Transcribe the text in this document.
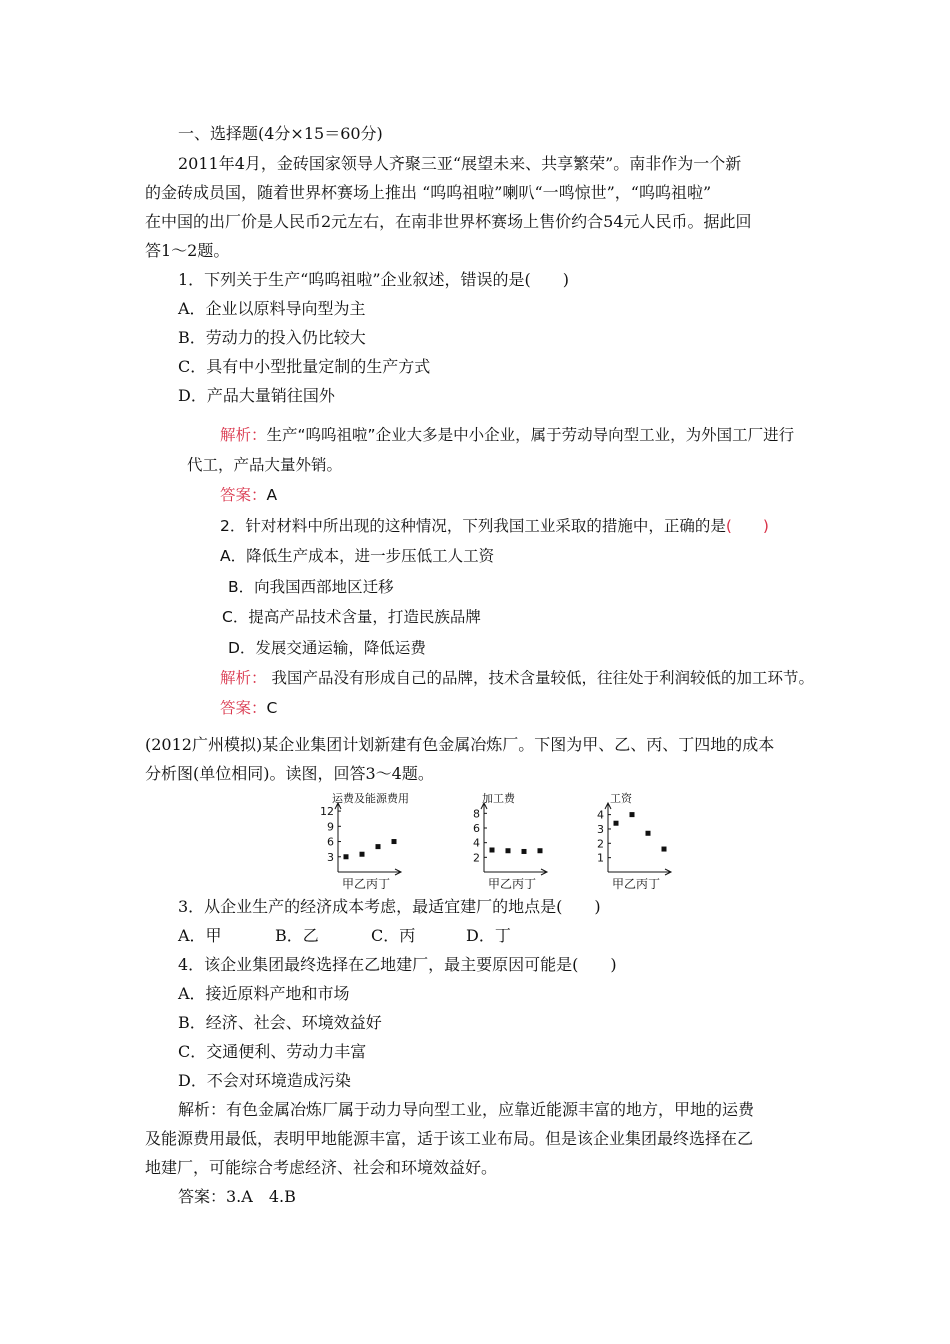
一、选择题(4分×15＝60分)
2011年4月，金砖国家领导人齐聚三亚“展望未来、共享繁荣”。南非作为一个新
的金砖成员国，随着世界杯赛场上推出 “呜呜祖啦”喇叭“一鸣惊世”，“呜呜祖啦”
在中国的出厂价是人民币2元左右，在南非世界杯赛场上售价约合54元人民币。据此回
答1～2题。
1．下列关于生产“呜呜祖啦”企业叙述，错误的是(　　)
A．企业以原料导向型为主
B．劳动力的投入仍比较大
C．具有中小型批量定制的生产方式
D．产品大量销往国外
解析：生产“呜呜祖啦”企业大多是中小企业，属于劳动导向型工业，为外国工厂进行
代工，产品大量外销。
答案：A
2．针对材料中所出现的这种情况，下列我国工业采取的措施中，正确的是(　　)
A．降低生产成本，进一步压低工人工资
B．向我国西部地区迁移
C．提高产品技术含量，打造民族品牌
D．发展交通运输，降低运费
解析： 我国产品没有形成自己的品牌，技术含量较低，往往处于利润较低的加工环节。
答案：C
(2012广州模拟)某企业集团计划新建有色金属冶炼厂。下图为甲、乙、丙、丁四地的成本
分析图(单位相同)。读图，回答3～4题。
运费及能源费用
3
6
9
12
甲乙丙丁
加工费
2
4
6
8
甲乙丙丁
工资
1
2
3
4
甲乙丙丁
3．从企业生产的经济成本考虑，最适宜建厂的地点是(　　)
A．甲	B．乙	C．丙	D．丁
4．该企业集团最终选择在乙地建厂，最主要原因可能是(　　)
A．接近原料产地和市场
B．经济、社会、环境效益好
C．交通便利、劳动力丰富
D．不会对环境造成污染
解析：有色金属冶炼厂属于动力导向型工业，应靠近能源丰富的地方，甲地的运费
及能源费用最低，表明甲地能源丰富，适于该工业布局。但是该企业集团最终选择在乙
地建厂，可能综合考虑经济、社会和环境效益好。
答案：3.A　4.B
